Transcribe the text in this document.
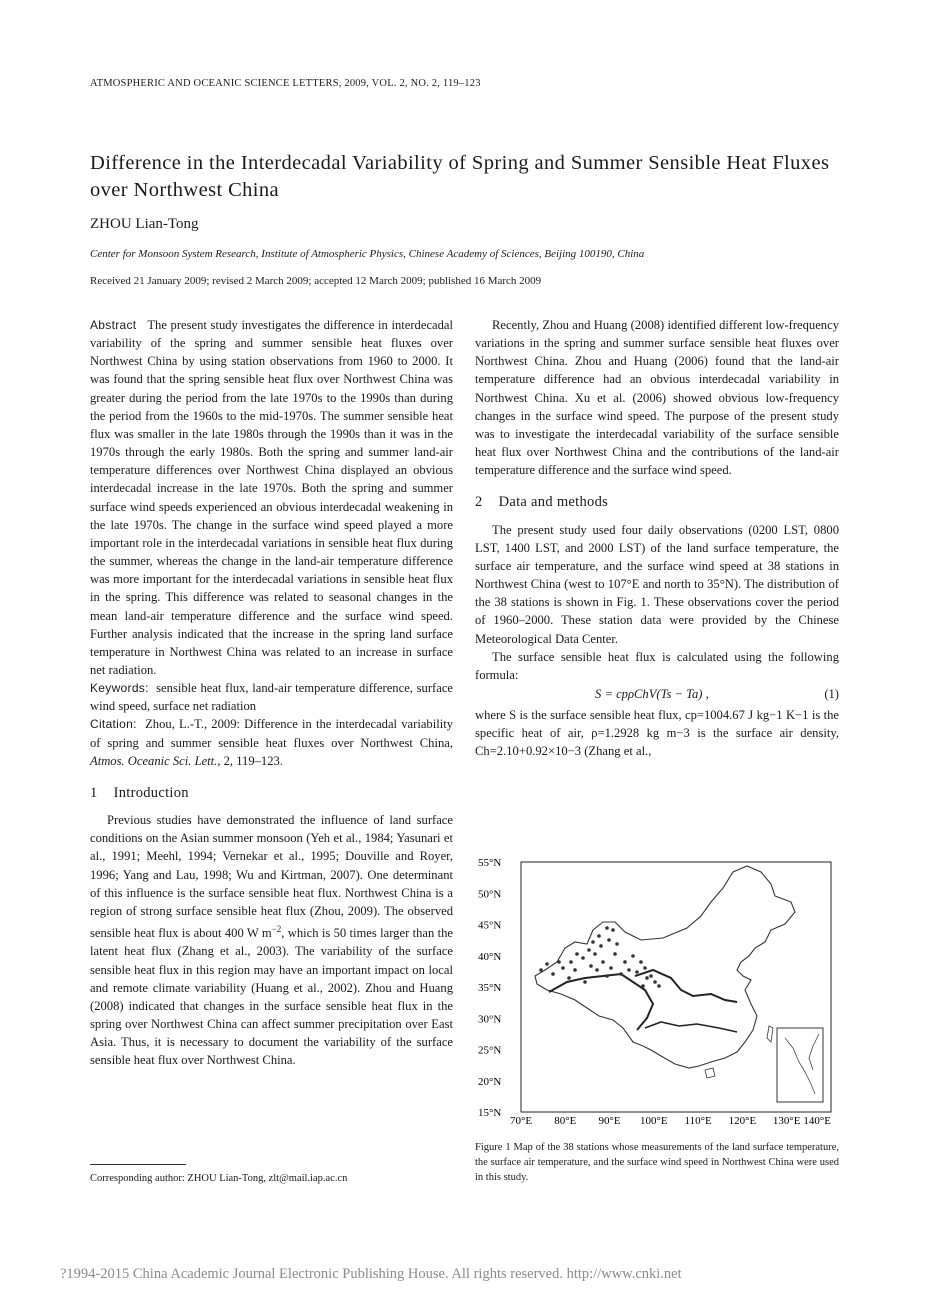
ATMOSPHERIC AND OCEANIC SCIENCE LETTERS, 2009, VOL. 2, NO. 2, 119–123
Difference in the Interdecadal Variability of Spring and Summer Sensible Heat Fluxes over Northwest China
ZHOU Lian-Tong
Center for Monsoon System Research, Institute of Atmospheric Physics, Chinese Academy of Sciences, Beijing 100190, China
Received 21 January 2009; revised 2 March 2009; accepted 12 March 2009; published 16 March 2009

Abstract The present study investigates the difference in interdecadal variability of the spring and summer sensible heat fluxes over Northwest China by using station observations from 1960 to 2000. It was found that the spring sensible heat flux over Northwest China was greater during the period from the late 1970s to the 1990s than during the period from the 1960s to the mid-1970s. The summer sensible heat flux was smaller in the late 1980s through the 1990s than it was in the 1970s through the early 1980s. Both the spring and summer land-air temperature differences over Northwest China displayed an obvious interdecadal increase in the late 1970s. Both the spring and summer surface wind speeds experienced an obvious interdecadal weakening in the late 1970s. The change in the surface wind speed played a more important role in the interdecadal variations in sensible heat flux during the summer, whereas the change in the land-air temperature difference was more important for the interdecadal variations in sensible heat flux in the spring. This difference was related to seasonal changes in the mean land-air temperature difference and the surface wind speed. Further analysis indicated that the increase in the spring land surface temperature in Northwest China was related to an increase in surface net radiation.

Keywords: sensible heat flux, land-air temperature difference, surface wind speed, surface net radiation

Citation: Zhou, L.-T., 2009: Difference in the interdecadal variability of spring and summer sensible heat fluxes over Northwest China, Atmos. Oceanic Sci. Lett., 2, 119–123.

1 Introduction

Previous studies have demonstrated the influence of land surface conditions on the Asian summer monsoon (Yeh et al., 1984; Yasunari et al., 1991; Meehl, 1994; Vernekar et al., 1995; Douville and Royer, 1996; Yang and Lau, 1998; Wu and Kirtman, 2007). One determinant of this influence is the surface sensible heat flux. Northwest China is a region of strong surface sensible heat flux (Zhou, 2009). The observed sensible heat flux is about 400 W $m^{-2}$, which is 50 times larger than the latent heat flux (Zhang et al., 2003). The variability of the surface sensible heat flux in this region may have an important impact on local and remote climate variability (Huang et al., 2002). Zhou and Huang (2008) indicated that changes in the surface sensible heat flux in the spring over Northwest China can affect summer precipitation over East Asia. Thus, it is necessary to document the variability of the surface sensible heat flux over Northwest China.

Recently, Zhou and Huang (2008) identified different low-frequency variations in the spring and summer surface sensible heat fluxes over Northwest China. Zhou and Huang (2006) found that the land-air temperature difference had an obvious interdecadal variability in Northwest China. Xu et al. (2006) showed obvious low-frequency changes in the surface wind speed. The purpose of the present study was to investigate the interdecadal variability of the surface sensible heat flux over Northwest China and the contributions of the land-air temperature difference and the surface wind speed.

2 Data and methods

The present study used four daily observations (0200 LST, 0800 LST, 1400 LST, and 2000 LST) of the land surface temperature, the surface air temperature, and the surface wind speed at 38 stations in Northwest China (west to 107°E and north to 35°N). The distribution of the 38 stations is shown in Fig. 1. These observations cover the period of 1960–2000. These station data were provided by the Chinese Meteorological Data Center.

The surface sensible heat flux is calculated using the following formula:

S = cpρChV(Ts − Ta) ,	(1)

where S is the surface sensible heat flux, cp=1004.67 J kg−1 K−1 is the specific heat of air, ρ=1.2928 kg m−3 is the surface air density, Ch=2.10+0.92×10−3 (Zhang et al.,

55°N
50°N
45°N
40°N
35°N
30°N
25°N
20°N
15°N
70°E 80°E 90°E 100°E 110°E 120°E 130°E 140°E
Figure 1 Map of the 38 stations whose measurements of the land surface temperature, the surface air temperature, and the surface wind speed in Northwest China were used in this study.
Corresponding author: ZHOU Lian-Tong, zlt@mail.iap.ac.cn
?1994-2015 China Academic Journal Electronic Publishing House. All rights reserved. http://www.cnki.net
